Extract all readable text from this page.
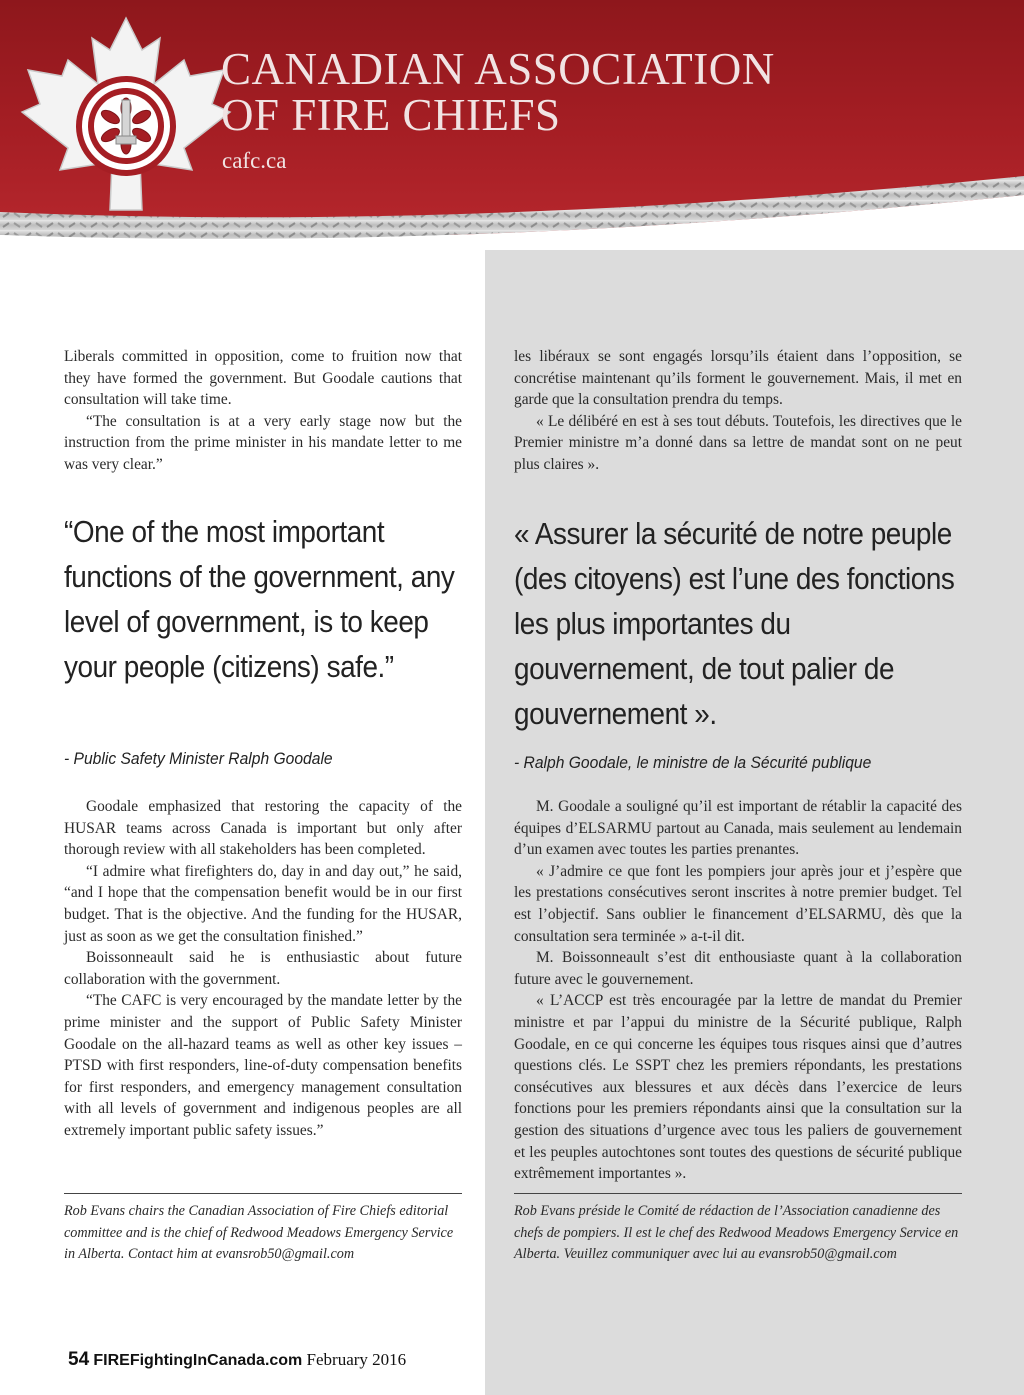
CANADIAN ASSOCIATION
OF FIRE CHIEFS
cafc.ca

Liberals committed in opposition, come to fruition now that they have formed the government. But Goodale cautions that consultation will take time.

“The consultation is at a very early stage now but the instruction from the prime minister in his mandate letter to me was very clear.”

“One of the most important functions of the government, any level of government, is to keep your people (citizens) safe.”

- Public Safety Minister Ralph Goodale

Goodale emphasized that restoring the capacity of the HUSAR teams across Canada is important but only after thorough review with all stakeholders has been completed.

“I admire what firefighters do, day in and day out,” he said, “and I hope that the compensation benefit would be in our first budget. That is the objective. And the funding for the HUSAR, just as soon as we get the consultation finished.”

Boissonneault said he is enthusiastic about future collaboration with the government.

“The CAFC is very encouraged by the mandate letter by the prime minister and the support of Public Safety Minister Goodale on the all-hazard teams as well as other key issues – PTSD with first responders, line-of-duty compensation benefits for first responders, and emergency management consultation with all levels of government and indigenous peoples are all extremely important public safety issues.”

Rob Evans chairs the Canadian Association of Fire Chiefs editorial committee and is the chief of Redwood Meadows Emergency Service in Alberta. Contact him at evansrob50@gmail.com

les libéraux se sont engagés lorsqu’ils étaient dans l’opposition, se concrétise maintenant qu’ils forment le gouvernement. Mais, il met en garde que la consultation prendra du temps.

« Le délibéré en est à ses tout débuts. Toutefois, les directives que le Premier ministre m’a donné dans sa lettre de mandat sont on ne peut plus claires ».

« Assurer la sécurité de notre peuple (des citoyens) est l’une des fonctions les plus importantes du gouvernement, de tout palier de gouvernement ».

- Ralph Goodale, le ministre de la Sécurité publique

M. Goodale a souligné qu’il est important de rétablir la capacité des équipes d’ELSARMU partout au Canada, mais seulement au lendemain d’un examen avec toutes les parties prenantes.

« J’admire ce que font les pompiers jour après jour et j’espère que les prestations consécutives seront inscrites à notre premier budget. Tel est l’objectif. Sans oublier le financement d’ELSARMU, dès que la consultation sera terminée » a-t-il dit.

M. Boissonneault s’est dit enthousiaste quant à la collaboration future avec le gouvernement.

« L’ACCP est très encouragée par la lettre de mandat du Premier ministre et par l’appui du ministre de la Sécurité publique, Ralph Goodale, en ce qui concerne les équipes tous risques ainsi que d’autres questions clés. Le SSPT chez les premiers répondants, les prestations consécutives aux blessures et aux décès dans l’exercice de leurs fonctions pour les premiers répondants ainsi que la consultation sur la gestion des situations d’urgence avec tous les paliers de gouvernement et les peuples autochtones sont toutes des questions de sécurité publique extrêmement importantes ».

Rob Evans préside le Comité de rédaction de l’Association canadienne des chefs de pompiers. Il est le chef des Redwood Meadows Emergency Service en Alberta. Veuillez communiquer avec lui au evansrob50@gmail.com

54 FIREFightingInCanada.com February 2016
